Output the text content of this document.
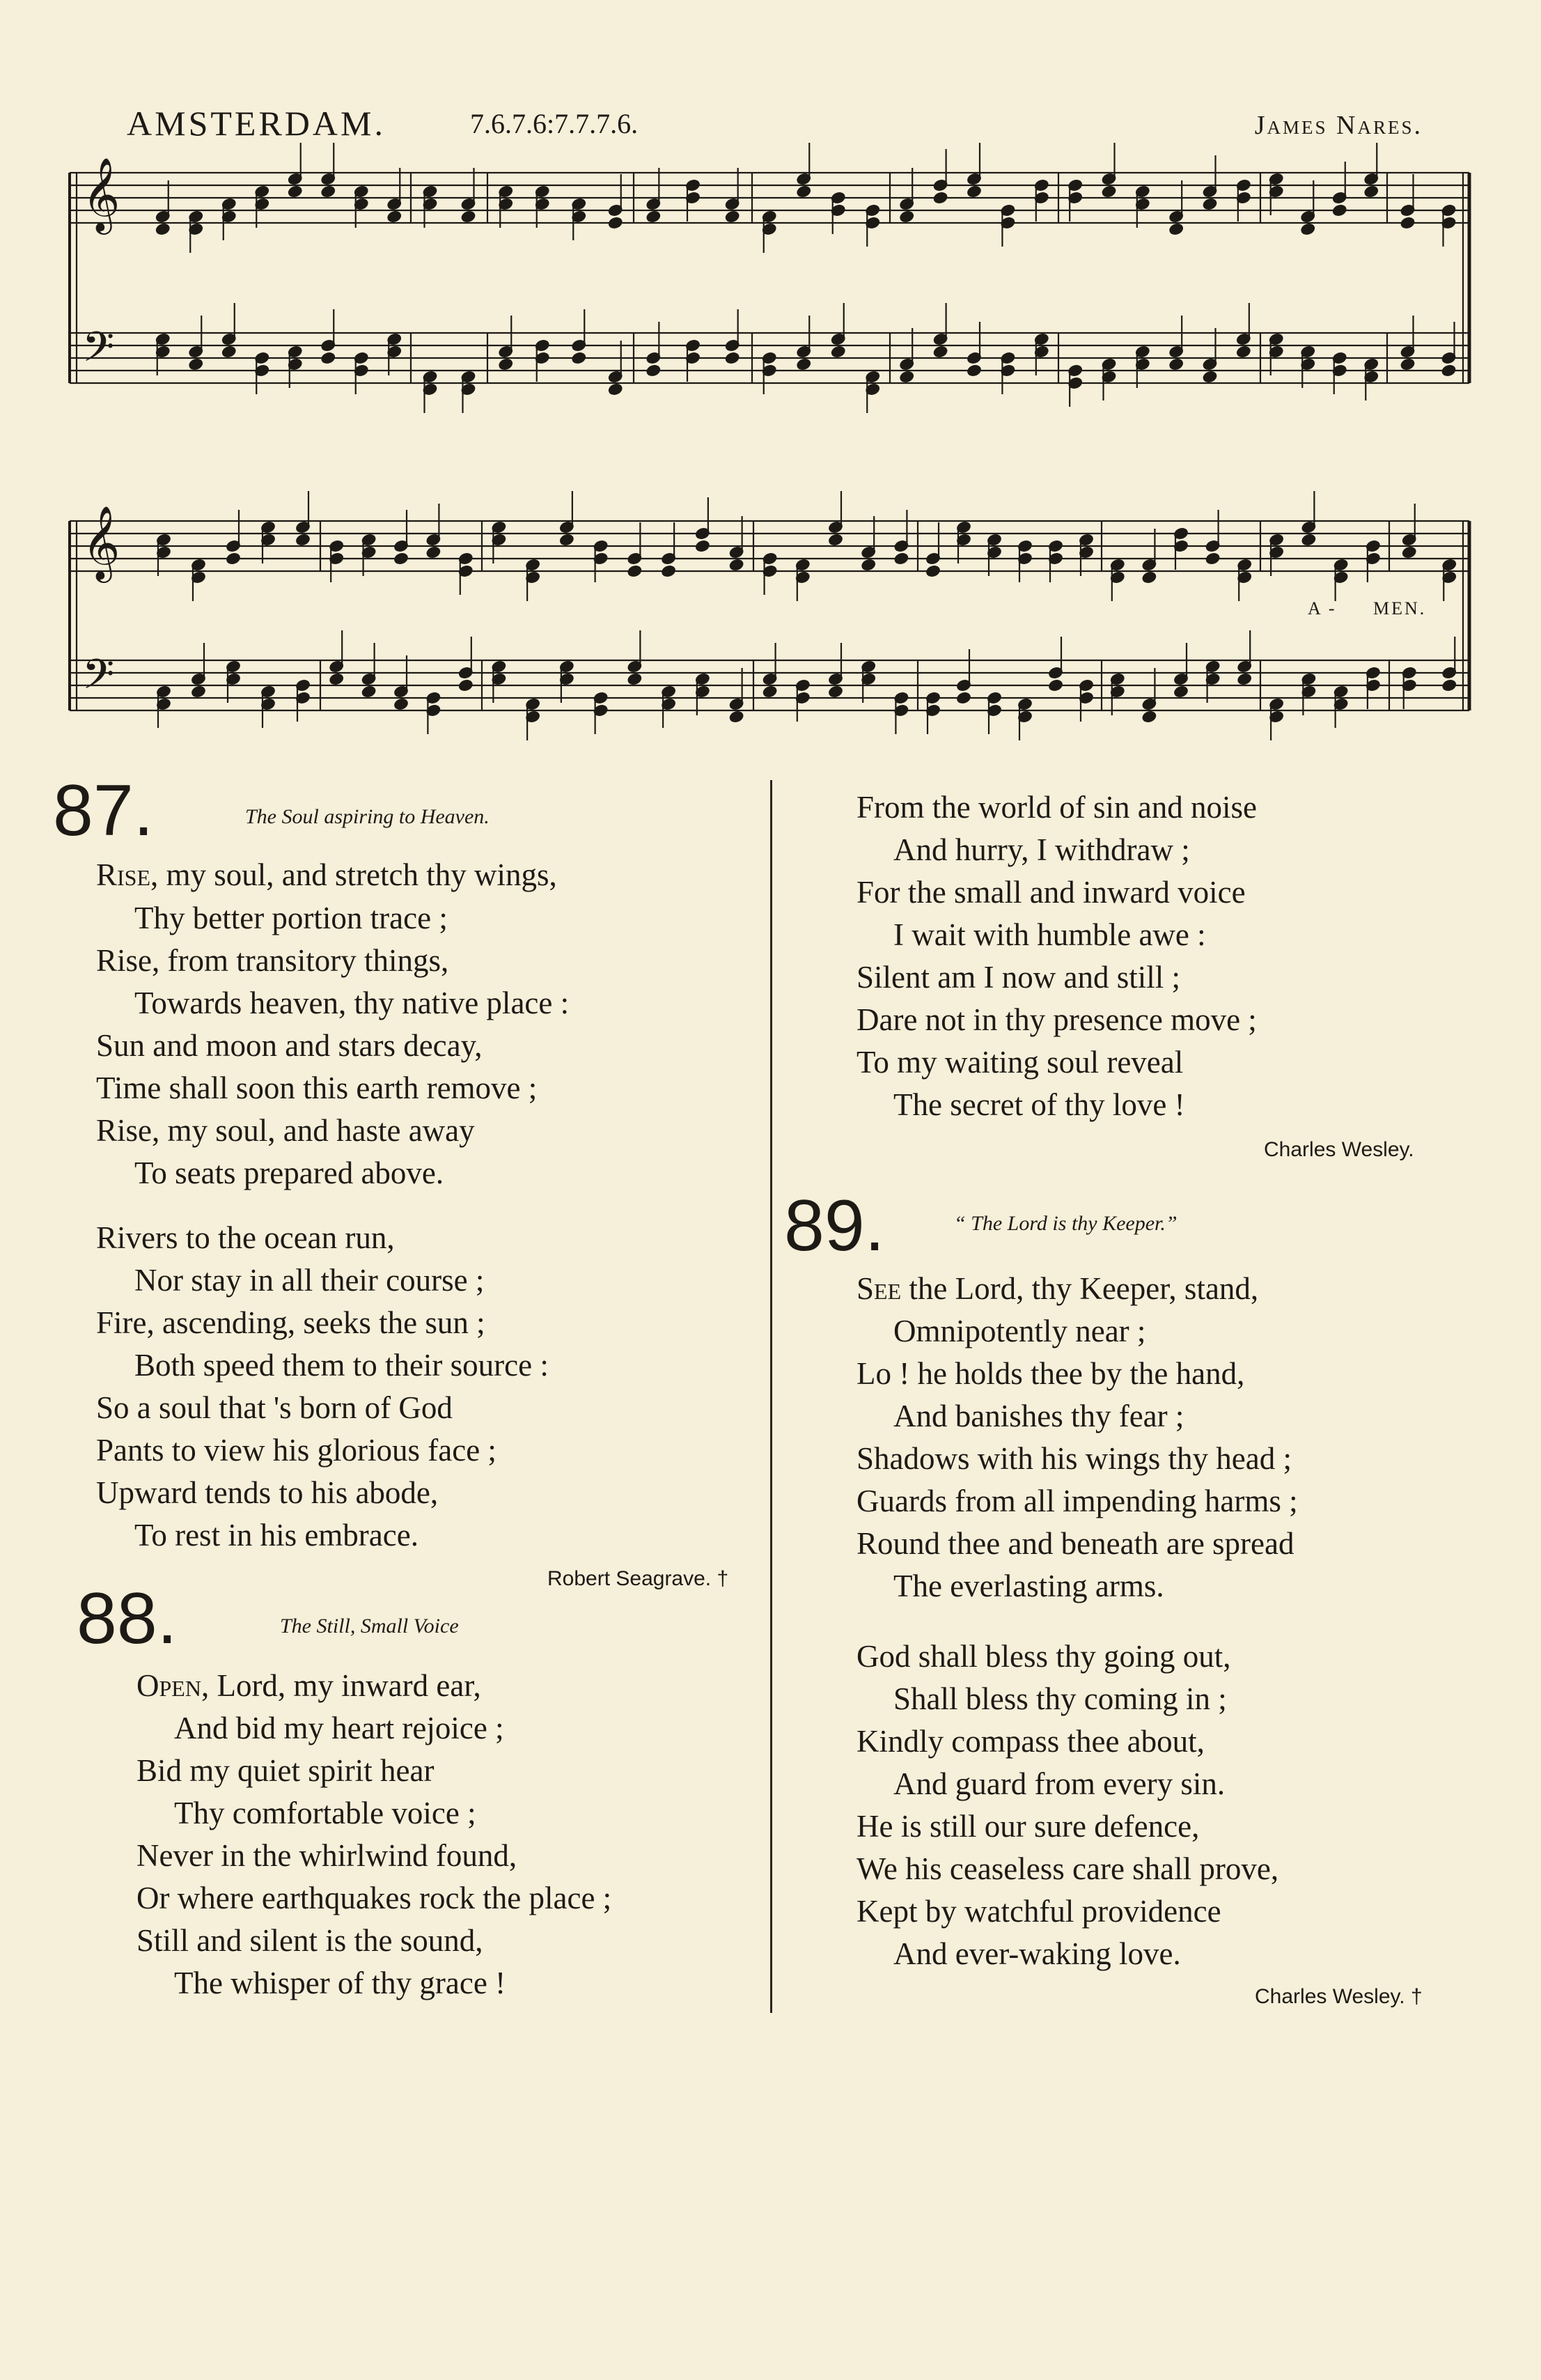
AMSTERDAM.	7.6.7.6:7.7.7.6.	James Nares.
𝄞
𝄢
𝄞
𝄢
A - MEN.
87.	The Soul aspiring to Heaven.
Rise, my soul, and stretch thy wings,
Thy better portion trace ;
Rise, from transitory things,
Towards heaven, thy native place :
Sun and moon and stars decay,
Time shall soon this earth remove ;
Rise, my soul, and haste away
To seats prepared above.
Rivers to the ocean run,
Nor stay in all their course ;
Fire, ascending, seeks the sun ;
Both speed them to their source :
So a soul that 's born of God
Pants to view his glorious face ;
Upward tends to his abode,
To rest in his embrace.
Robert Seagrave. †
88.	The Still, Small Voice
Open, Lord, my inward ear,
And bid my heart rejoice ;
Bid my quiet spirit hear
Thy comfortable voice ;
Never in the whirlwind found,
Or where earthquakes rock the place ;
Still and silent is the sound,
The whisper of thy grace !
From the world of sin and noise
And hurry, I withdraw ;
For the small and inward voice
I wait with humble awe :
Silent am I now and still ;
Dare not in thy presence move ;
To my waiting soul reveal
The secret of thy love !
Charles Wesley.
89.	“ The Lord is thy Keeper.”
See the Lord, thy Keeper, stand,
Omnipotently near ;
Lo ! he holds thee by the hand,
And banishes thy fear ;
Shadows with his wings thy head ;
Guards from all impending harms ;
Round thee and beneath are spread
The everlasting arms.
God shall bless thy going out,
Shall bless thy coming in ;
Kindly compass thee about,
And guard from every sin.
He is still our sure defence,
We his ceaseless care shall prove,
Kept by watchful providence
And ever-waking love.
Charles Wesley. †
